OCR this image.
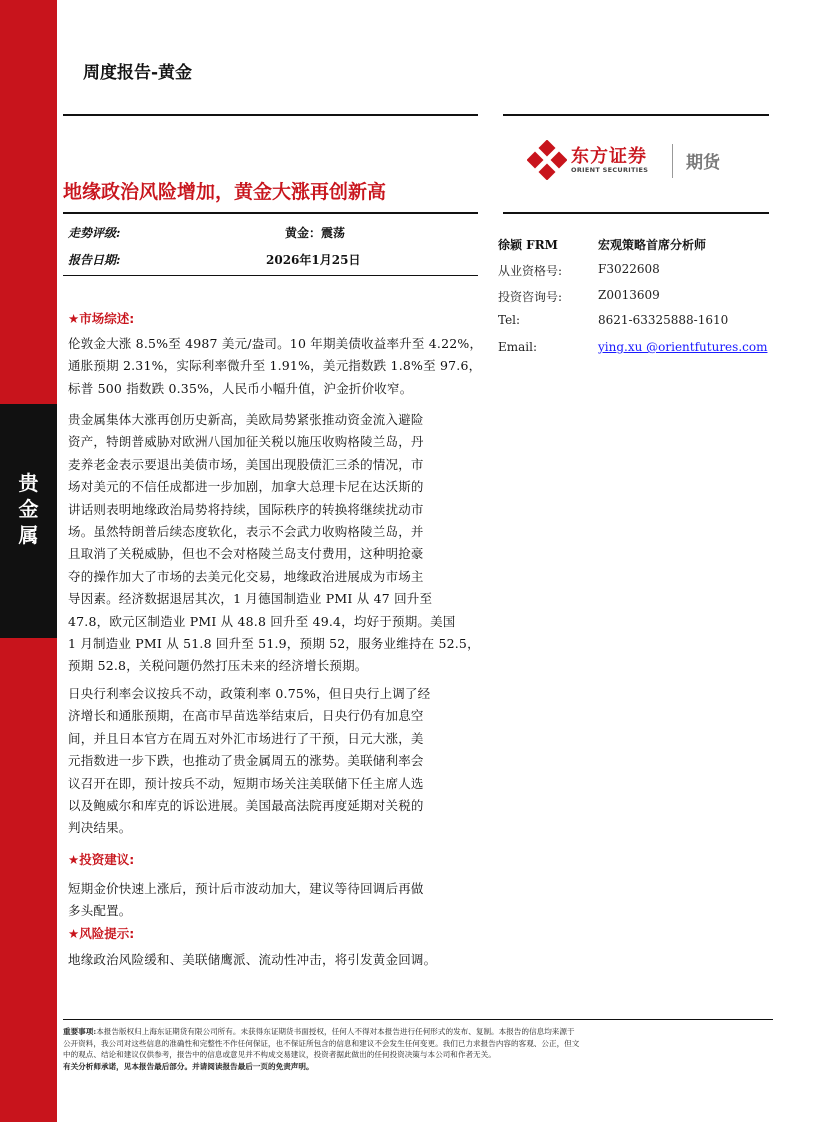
贵
金
属
周度报告-黄金
东方证券
ORIENT SECURITIES 期货
地缘政治风险增加，黄金大涨再创新高
走势评级:	黄金：震荡
报告日期:	2026年1月25日
徐颖 FRM	宏观策略首席分析师
从业资格号:	F3022608
投资咨询号:	Z0013609
Tel:	8621-63325888-1610
Email:	ying.xu @orientfutures.com
★市场综述:
伦敦金大涨 8.5%至 4987 美元/盎司。10 年期美债收益率升至 4.22%，
通胀预期 2.31%，实际利率微升至 1.91%，美元指数跌 1.8%至 97.6，
标普 500 指数跌 0.35%，人民币小幅升值，沪金折价收窄。
贵金属集体大涨再创历史新高，美欧局势紧张推动资金流入避险
资产，特朗普威胁对欧洲八国加征关税以施压收购格陵兰岛，丹
麦养老金表示要退出美债市场，美国出现股债汇三杀的情况，市
场对美元的不信任成都进一步加剧，加拿大总理卡尼在达沃斯的
讲话则表明地缘政治局势将持续，国际秩序的转换将继续扰动市
场。虽然特朗普后续态度软化，表示不会武力收购格陵兰岛，并
且取消了关税威胁，但也不会对格陵兰岛支付费用，这种明抢豪
夺的操作加大了市场的去美元化交易，地缘政治进展成为市场主
导因素。经济数据退居其次，1 月德国制造业 PMI 从 47 回升至
47.8，欧元区制造业 PMI 从 48.8 回升至 49.4，均好于预期。美国
1 月制造业 PMI 从 51.8 回升至 51.9，预期 52，服务业维持在 52.5，
预期 52.8，关税问题仍然打压未来的经济增长预期。
日央行利率会议按兵不动，政策利率 0.75%，但日央行上调了经
济增长和通胀预期，在高市早苗选举结束后，日央行仍有加息空
间，并且日本官方在周五对外汇市场进行了干预，日元大涨，美
元指数进一步下跌，也推动了贵金属周五的涨势。美联储利率会
议召开在即，预计按兵不动，短期市场关注美联储下任主席人选
以及鲍威尔和库克的诉讼进展。美国最高法院再度延期对关税的
判决结果。
★投资建议:
短期金价快速上涨后，预计后市波动加大，建议等待回调后再做
多头配置。
★风险提示:
地缘政治风险缓和、美联储鹰派、流动性冲击，将引发黄金回调。
重要事项:本报告版权归上海东证期货有限公司所有。未获得东证期货书面授权，任何人不得对本报告进行任何形式的发布、复制。本报告的信息均来源于
公开资料，我公司对这些信息的准确性和完整性不作任何保证，也不保证所包含的信息和建议不会发生任何变更。我们已力求报告内容的客观、公正，但文
中的观点、结论和建议仅供参考，报告中的信息或意见并不构成交易建议，投资者据此做出的任何投资决策与本公司和作者无关。
有关分析师承诺，见本报告最后部分。并请阅读报告最后一页的免责声明。
